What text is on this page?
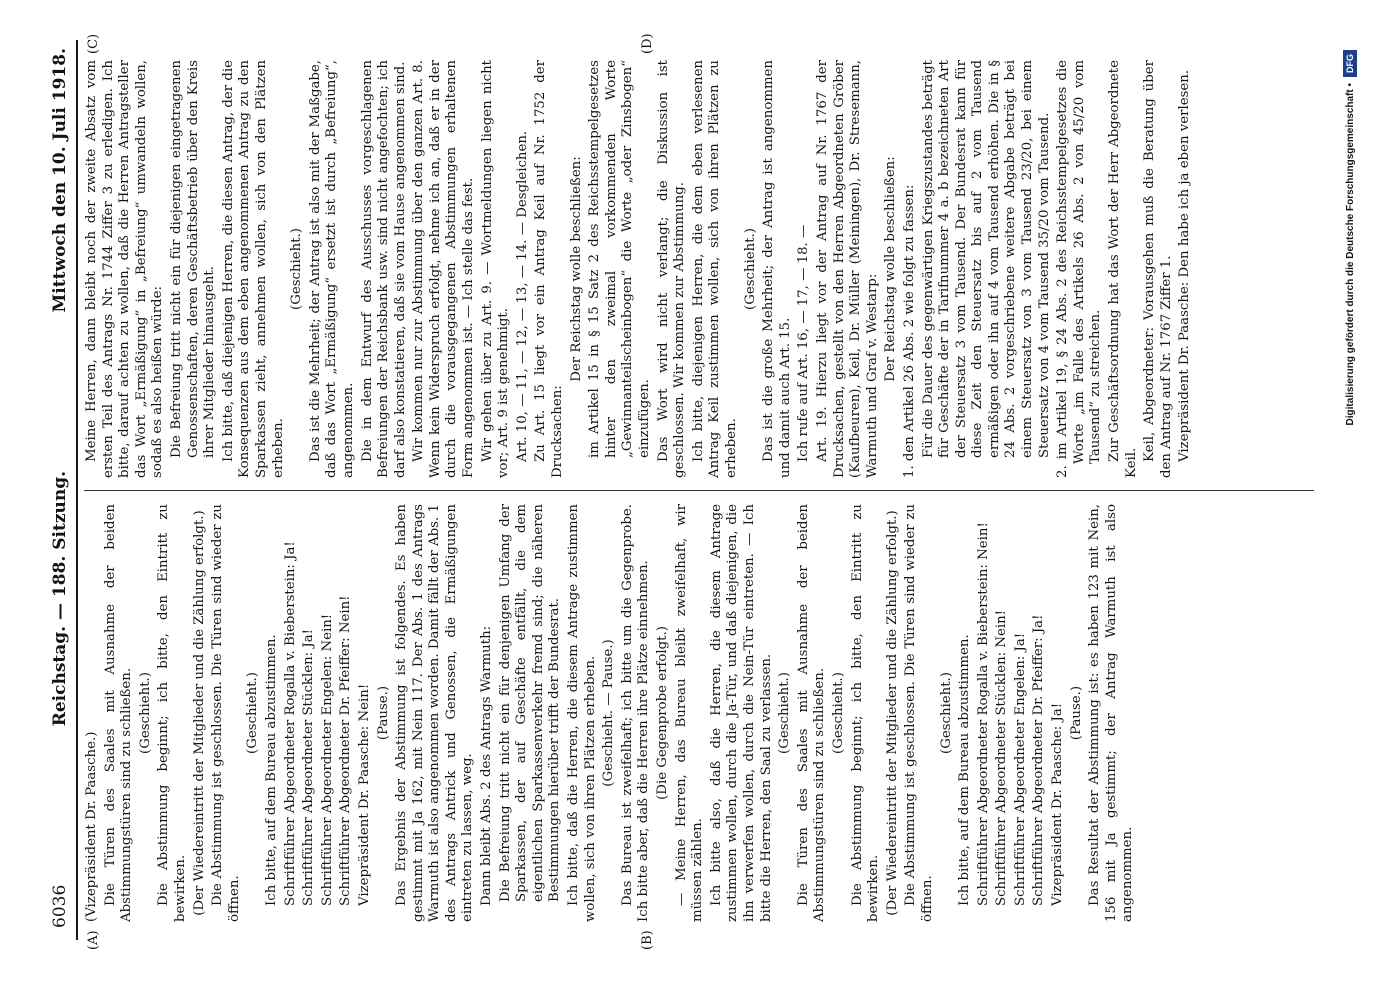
6036
Reichstag. — 188. Sitzung.
Mittwoch den 10. Juli 1918.
(A)	(B)
(C)	(D)

(Vizepräsident Dr. Paasche.) Die Türen des Saales mit Ausnahme der beiden Abstimmungstüren sind zu schließen. (Geschieht.) Die Abstimmung beginnt; ich bitte, den Eintritt zu bewirken. (Der Wiedereintritt der Mitglieder und die Zählung erfolgt.) Die Abstimmung ist geschlossen. Die Türen sind wieder zu öffnen.

(Geschieht.) Ich bitte, auf dem Bureau abzustimmen. Schriftführer Abgeordneter Rogalla v. Bieberstein: Ja! Schriftführer Abgeordneter Stücklen: Ja! Schriftführer Abgeordneter Engelen: Nein! Schriftführer Abgeordneter Dr. Pfeiffer: Nein! Vizepräsident Dr. Paasche: Nein! (Pause.) Das Ergebnis der Abstimmung ist folgendes. Es haben gestimmt mit Ja 162, mit Nein 117. Der Abs. 1 des Antrags Warmuth ist also angenommen worden. Damit fällt der Abs. 1 des Antrags Antrick und Genossen, die Ermäßigungen eintreten zu lassen, weg. Dann bleibt Abs. 2 des Antrags Warmuth: Die Befreiung tritt nicht ein für denjenigen Umfang der Sparkassen, der auf Geschäfte entfällt, die dem eigentlichen Sparkassenverkehr fremd sind; die näheren Bestimmungen hierüber trifft der Bundesrat. Ich bitte, daß die Herren, die diesem Antrage zustimmen wollen, sich von ihren Plätzen erheben. (Geschieht. — Pause.) Das Bureau ist zweifelhaft; ich bitte um die Gegenprobe. Ich bitte aber, daß die Herren ihre Plätze einnehmen. (Die Gegenprobe erfolgt.) — Meine Herren, das Bureau bleibt zweifelhaft, wir müssen zählen. Ich bitte also, daß die Herren, die diesem Antrage zustimmen wollen, durch die Ja-Tür, und daß diejenigen, die ihn verwerfen wollen, durch die Nein-Tür eintreten. — Ich bitte die Herren, den Saal zu verlassen. (Geschieht.) Die Türen des Saales mit Ausnahme der beiden Abstimmungstüren sind zu schließen. (Geschieht.) Die Abstimmung beginnt; ich bitte, den Eintritt zu bewirken. (Der Wiedereintritt der Mitglieder und die Zählung erfolgt.) Die Abstimmung ist geschlossen. Die Türen sind wieder zu öffnen.

(Geschieht.) Ich bitte, auf dem Bureau abzustimmen. Schriftführer Abgeordneter Rogalla v. Bieberstein: Nein! Schriftführer Abgeordneter Stücklen: Nein! Schriftführer Abgeordneter Engelen: Ja! Schriftführer Abgeordneter Dr. Pfeiffer: Ja! Vizepräsident Dr. Paasche: Ja! (Pause.) Das Resultat der Abstimmung ist: es haben 123 mit Nein, 156 mit Ja gestimmt; der Antrag Warmuth ist also angenommen.

Meine Herren, dann bleibt noch der zweite Absatz vom ersten Teil des Antrags Nr. 1744 Ziffer 3 zu erledigen. Ich bitte, darauf achten zu wollen, daß die Herren Antragsteller das Wort „Ermäßigung“ in „Befreiung“ umwandeln wollen, sodaß es also heißen würde: Die Befreiung tritt nicht ein für diejenigen eingetragenen Genossenschaften, deren Geschäftsbetrieb über den Kreis ihrer Mitglieder hinausgeht. Ich bitte, daß diejenigen Herren, die diesen Antrag, der die Konsequenzen aus dem eben angenommenen Antrag zu den Sparkassen zieht, annehmen wollen, sich von den Plätzen erheben.

(Geschieht.) Das ist die Mehrheit; der Antrag ist also mit der Maßgabe, daß das Wort „Ermäßigung“ ersetzt ist durch „Befreiung“, angenommen. Die in dem Entwurf des Ausschusses vorgeschlagenen Befreiungen der Reichsbank usw. sind nicht angefochten; ich darf also konstatieren, daß sie vom Hause angenommen sind. Wir kommen nur zur Abstimmung über den ganzen Art. 8. Wenn kein Widerspruch erfolgt, nehme ich an, daß er in der durch die vorausgegangenen Abstimmungen erhaltenen Form angenommen ist. — Ich stelle das fest. Wir gehen über zu Art. 9. — Wortmeldungen liegen nicht vor; Art. 9 ist genehmigt. Art. 10, — 11, — 12, — 13, — 14. — Desgleichen. Zu Art. 15 liegt vor ein Antrag Keil auf Nr. 1752 der Drucksachen:

Der Reichstag wolle beschließen: im Artikel 15 in § 15 Satz 2 des Reichsstempelgesetzes hinter den zweimal vorkommenden Worte „Gewinnanteilscheinbogen“ die Worte „oder Zinsbogen“ einzufügen. Das Wort wird nicht verlangt; die Diskussion ist geschlossen. Wir kommen zur Abstimmung. Ich bitte, diejenigen Herren, die dem eben verlesenen Antrag Keil zustimmen wollen, sich von ihren Plätzen zu erheben.

(Geschieht.) Das ist die große Mehrheit; der Antrag ist angenommen und damit auch Art. 15. Ich rufe auf Art. 16, — 17, — 18. — Art. 19. Hierzu liegt vor der Antrag auf Nr. 1767 der Drucksachen, gestellt von den Herren Abgeordneten Gröber (Kaufbeuren), Keil, Dr. Müller (Meiningen), Dr. Stresemann, Warmuth und Graf v. Westarp: Der Reichstag wolle beschließen: 1. den Artikel 26 Abs. 2 wie folgt zu fassen: Für die Dauer des gegenwärtigen Kriegszustandes beträgt für Geschäfte der in Tarifnummer 4 a. b bezeichneten Art der Steuersatz 3 vom Tausend. Der Bundesrat kann für diese Zeit den Steuersatz bis auf 2 vom Tausend ermäßigen oder ihn auf 4 vom Tausend erhöhen. Die in § 24 Abs. 2 vorgeschriebene weitere Abgabe beträgt bei einem Steuersatz von 3 vom Tausend 23/20, bei einem Steuersatz von 4 vom Tausend 35/20 vom Tausend. 2. im Artikel 19, § 24 Abs. 2 des Reichsstempelgesetzes die Worte „im Falle des Artikels 26 Abs. 2 von 45/20 vom Tausend“ zu streichen. Zur Geschäftsordnung hat das Wort der Herr Abgeordnete Keil.

Keil, Abgeordneter: Vorausgehen muß die Beratung über den Antrag auf Nr. 1767 Ziffer 1. Vizepräsident Dr. Paasche: Den habe ich ja eben verlesen.	Digitalisierung gefördert durch die Deutsche Forschungsgemeinschaft •
DFG
